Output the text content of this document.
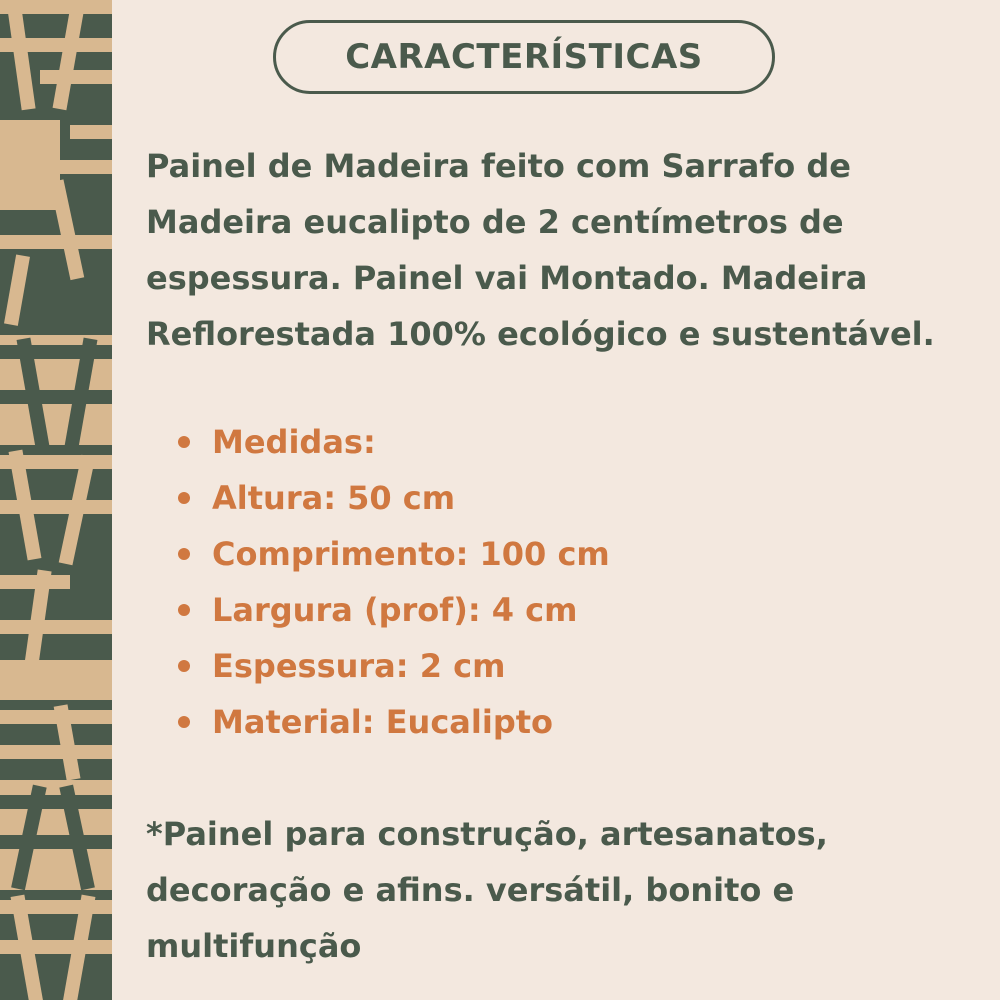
CARACTERÍSTICAS

Painel de Madeira feito com Sarrafo de Madeira eucalipto de 2 centímetros de espessura. Painel vai Montado. Madeira Reflorestada 100% ecológico e sustentável.

Medidas:
Altura: 50 cm
Comprimento: 100 cm
Largura (prof): 4 cm
Espessura: 2 cm
Material: Eucalipto

*Painel para construção, artesanatos, decoração e afins. versátil, bonito e multifunção
